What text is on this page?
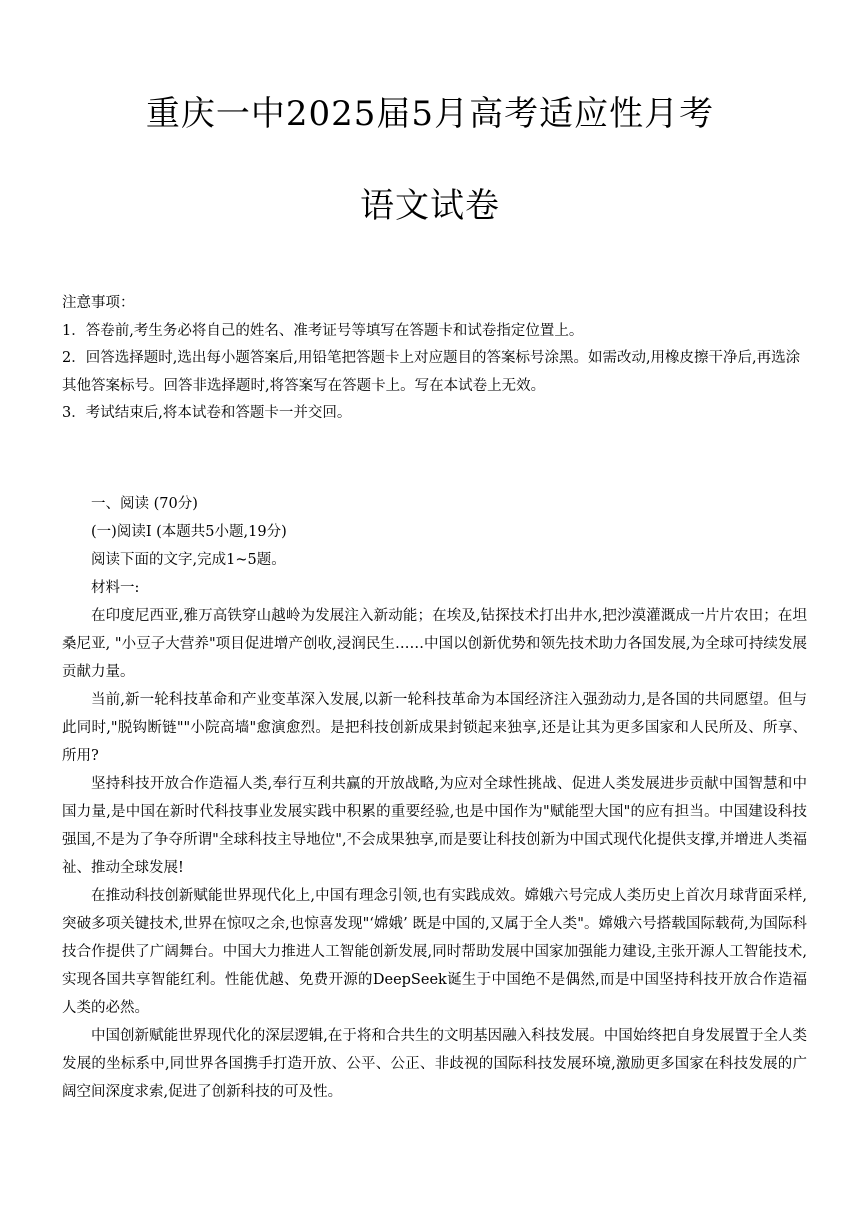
重庆一中2025届5月高考适应性月考
语文试卷

注意事项：

1．答卷前,考生务必将自己的姓名、准考证号等填写在答题卡和试卷指定位置上。

2．回答选择题时,选出每小题答案后,用铅笔把答题卡上对应题目的答案标号涂黑。如需改动,用橡皮擦干净后,再选涂其他答案标号。回答非选择题时,将答案写在答题卡上。写在本试卷上无效。

3．考试结束后,将本试卷和答题卡一并交回。

一、阅读 (70分)

(一)阅读Ⅰ (本题共5小题,19分)

阅读下面的文字,完成1~5题。

材料一:

在印度尼西亚,雅万高铁穿山越岭为发展注入新动能；在埃及,钻探技术打出井水,把沙漠灌溉成一片片农田；在坦桑尼亚, "小豆子大营养"项目促进增产创收,浸润民生……中国以创新优势和领先技术助力各国发展,为全球可持续发展贡献力量。

当前,新一轮科技革命和产业变革深入发展,以新一轮科技革命为本国经济注入强劲动力,是各国的共同愿望。但与此同时,"脱钩断链""小院高墙"愈演愈烈。是把科技创新成果封锁起来独享,还是让其为更多国家和人民所及、所享、所用?

坚持科技开放合作造福人类,奉行互利共赢的开放战略,为应对全球性挑战、促进人类发展进步贡献中国智慧和中国力量,是中国在新时代科技事业发展实践中积累的重要经验,也是中国作为"赋能型大国"的应有担当。中国建设科技强国,不是为了争夺所谓"全球科技主导地位",不会成果独享,而是要让科技创新为中国式现代化提供支撑,并增进人类福祉、推动全球发展!

在推动科技创新赋能世界现代化上,中国有理念引领,也有实践成效。嫦娥六号完成人类历史上首次月球背面采样,突破多项关键技术,世界在惊叹之余,也惊喜发现"‘嫦娥’ 既是中国的,又属于全人类"。嫦娥六号搭载国际载荷,为国际科技合作提供了广阔舞台。中国大力推进人工智能创新发展,同时帮助发展中国家加强能力建设,主张开源人工智能技术,实现各国共享智能红利。性能优越、免费开源的DeepSeek诞生于中国绝不是偶然,而是中国坚持科技开放合作造福人类的必然。

中国创新赋能世界现代化的深层逻辑,在于将和合共生的文明基因融入科技发展。中国始终把自身发展置于全人类发展的坐标系中,同世界各国携手打造开放、公平、公正、非歧视的国际科技发展环境,激励更多国家在科技发展的广阔空间深度求索,促进了创新科技的可及性。
